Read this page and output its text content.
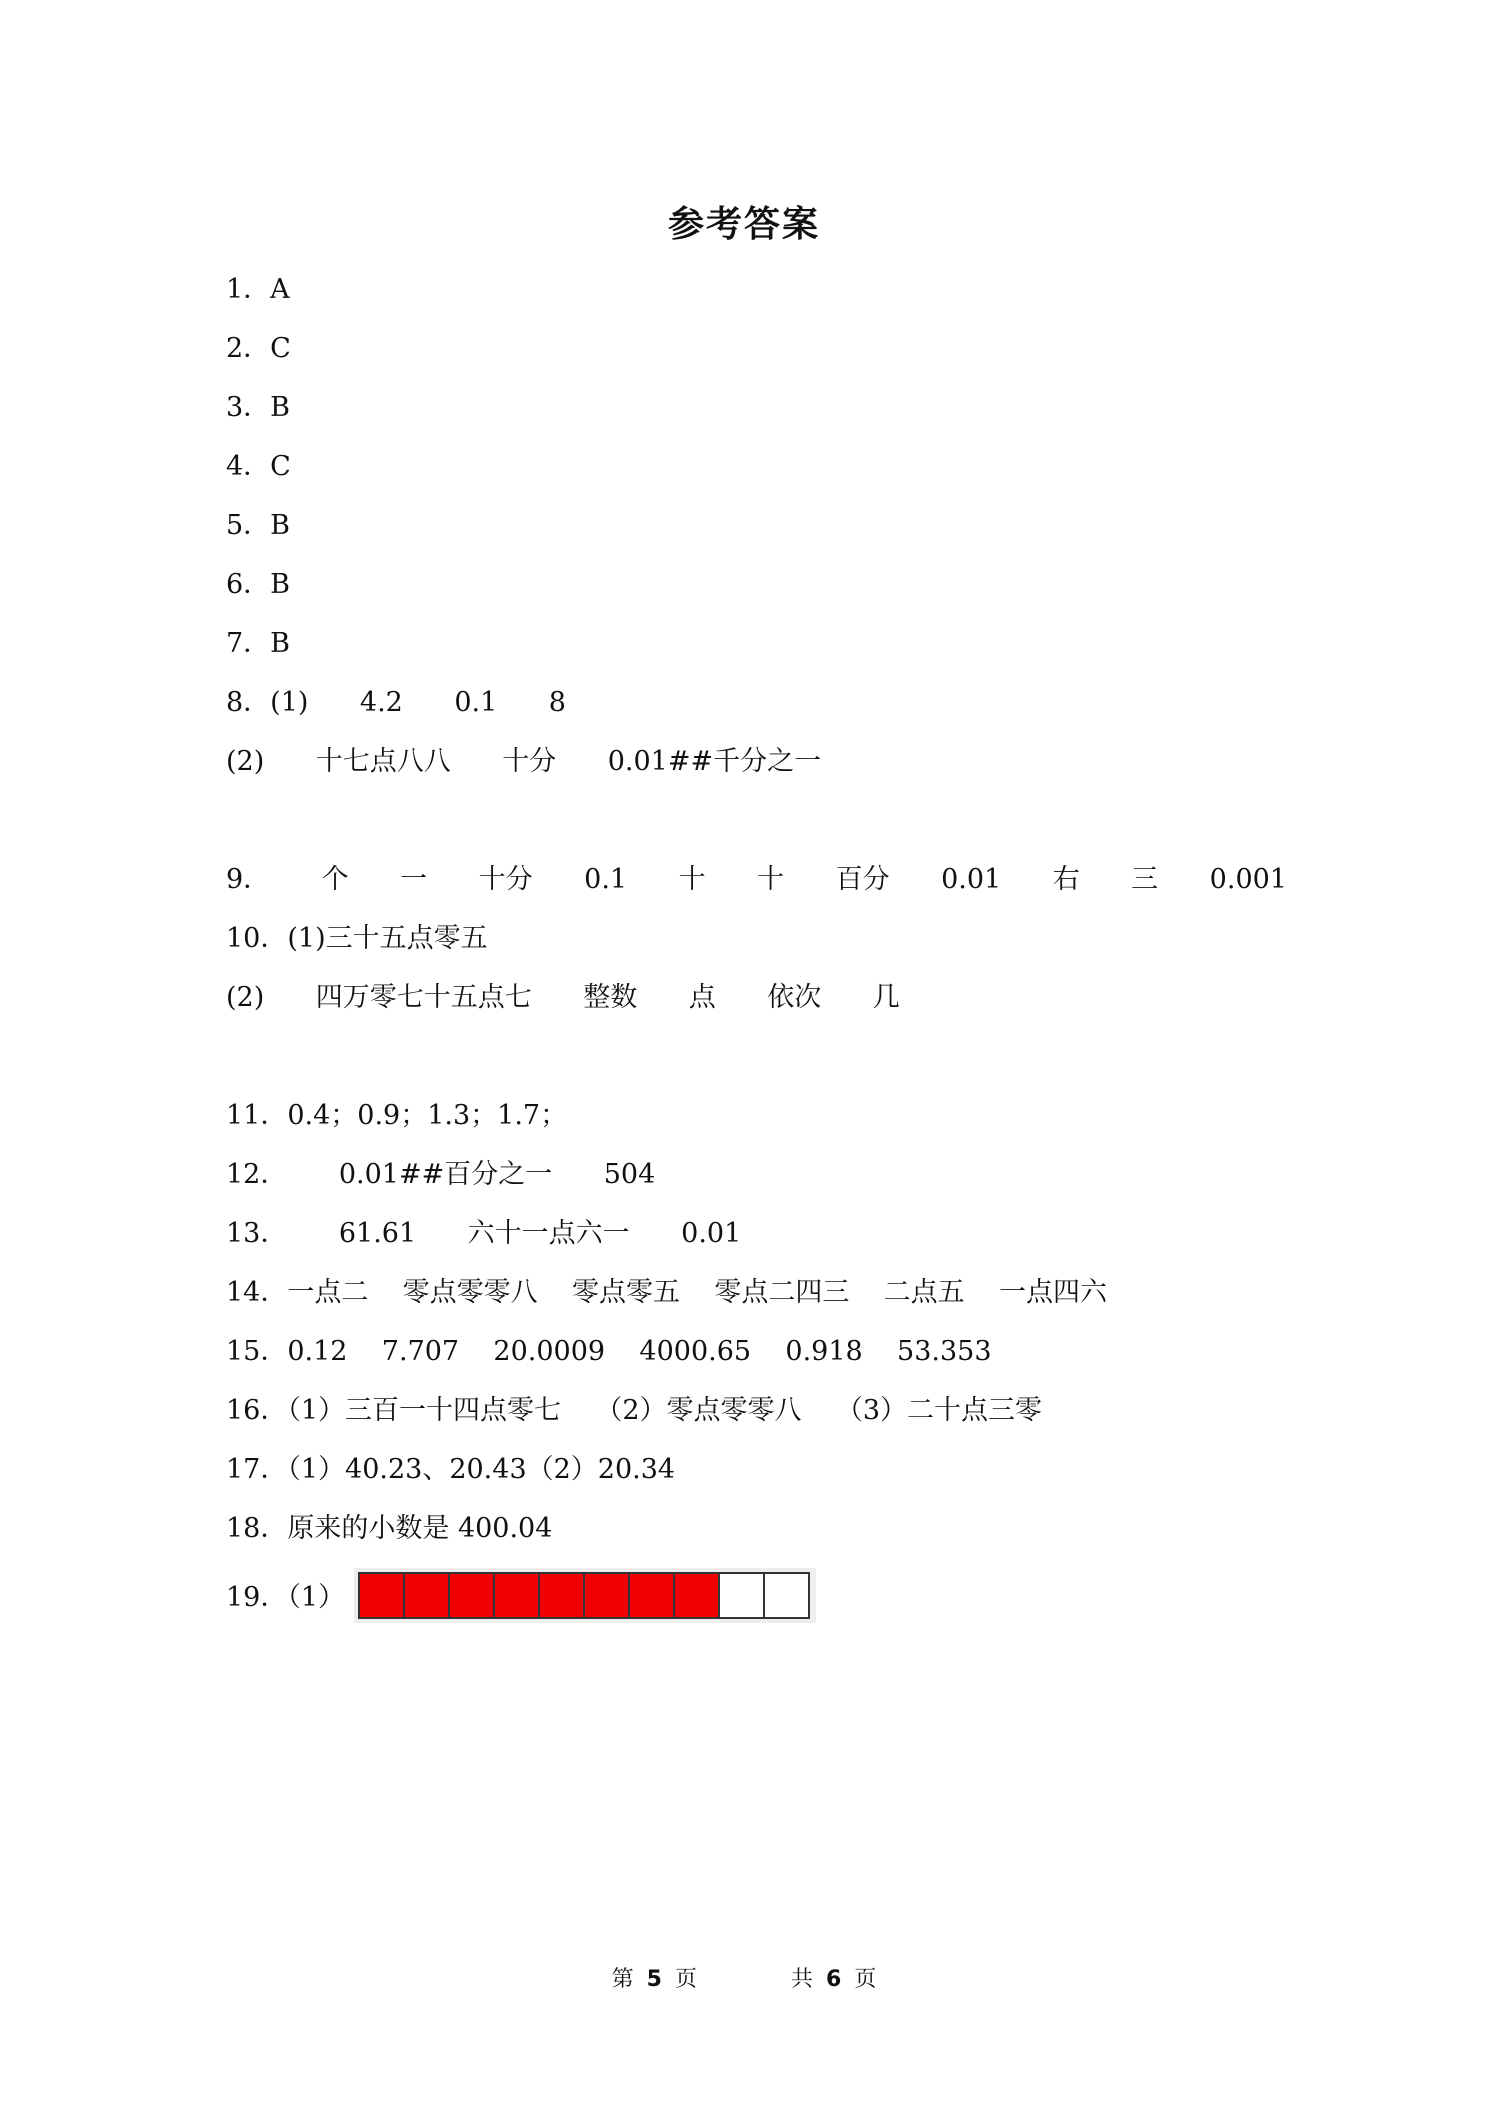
参考答案
1．A
2．C
3．B
4．C
5．B
6．B
7．B
8．(1)      4.2      0.1      8
(2)      十七点八八      十分      0.01##千分之一
9．      个      一      十分      0.1      十      十      百分      0.01      右      三      0.001
10．(1)三十五点零五
(2)      四万零七十五点七      整数      点      依次      几
11．0.4；0.9；1.3；1.7；
12．      0.01##百分之一      504
13．      61.61      六十一点六一      0.01
14．一点二    零点零零八    零点零五    零点二四三    二点五    一点四六
15．0.12    7.707    20.0009    4000.65    0.918    53.353
16．（1）三百一十四点零七    （2）零点零零八    （3）二十点三零
17．（1）40.23、20.43（2）20.34
18．原来的小数是 400.04
19．（1）
第 5 页	共 6 页
